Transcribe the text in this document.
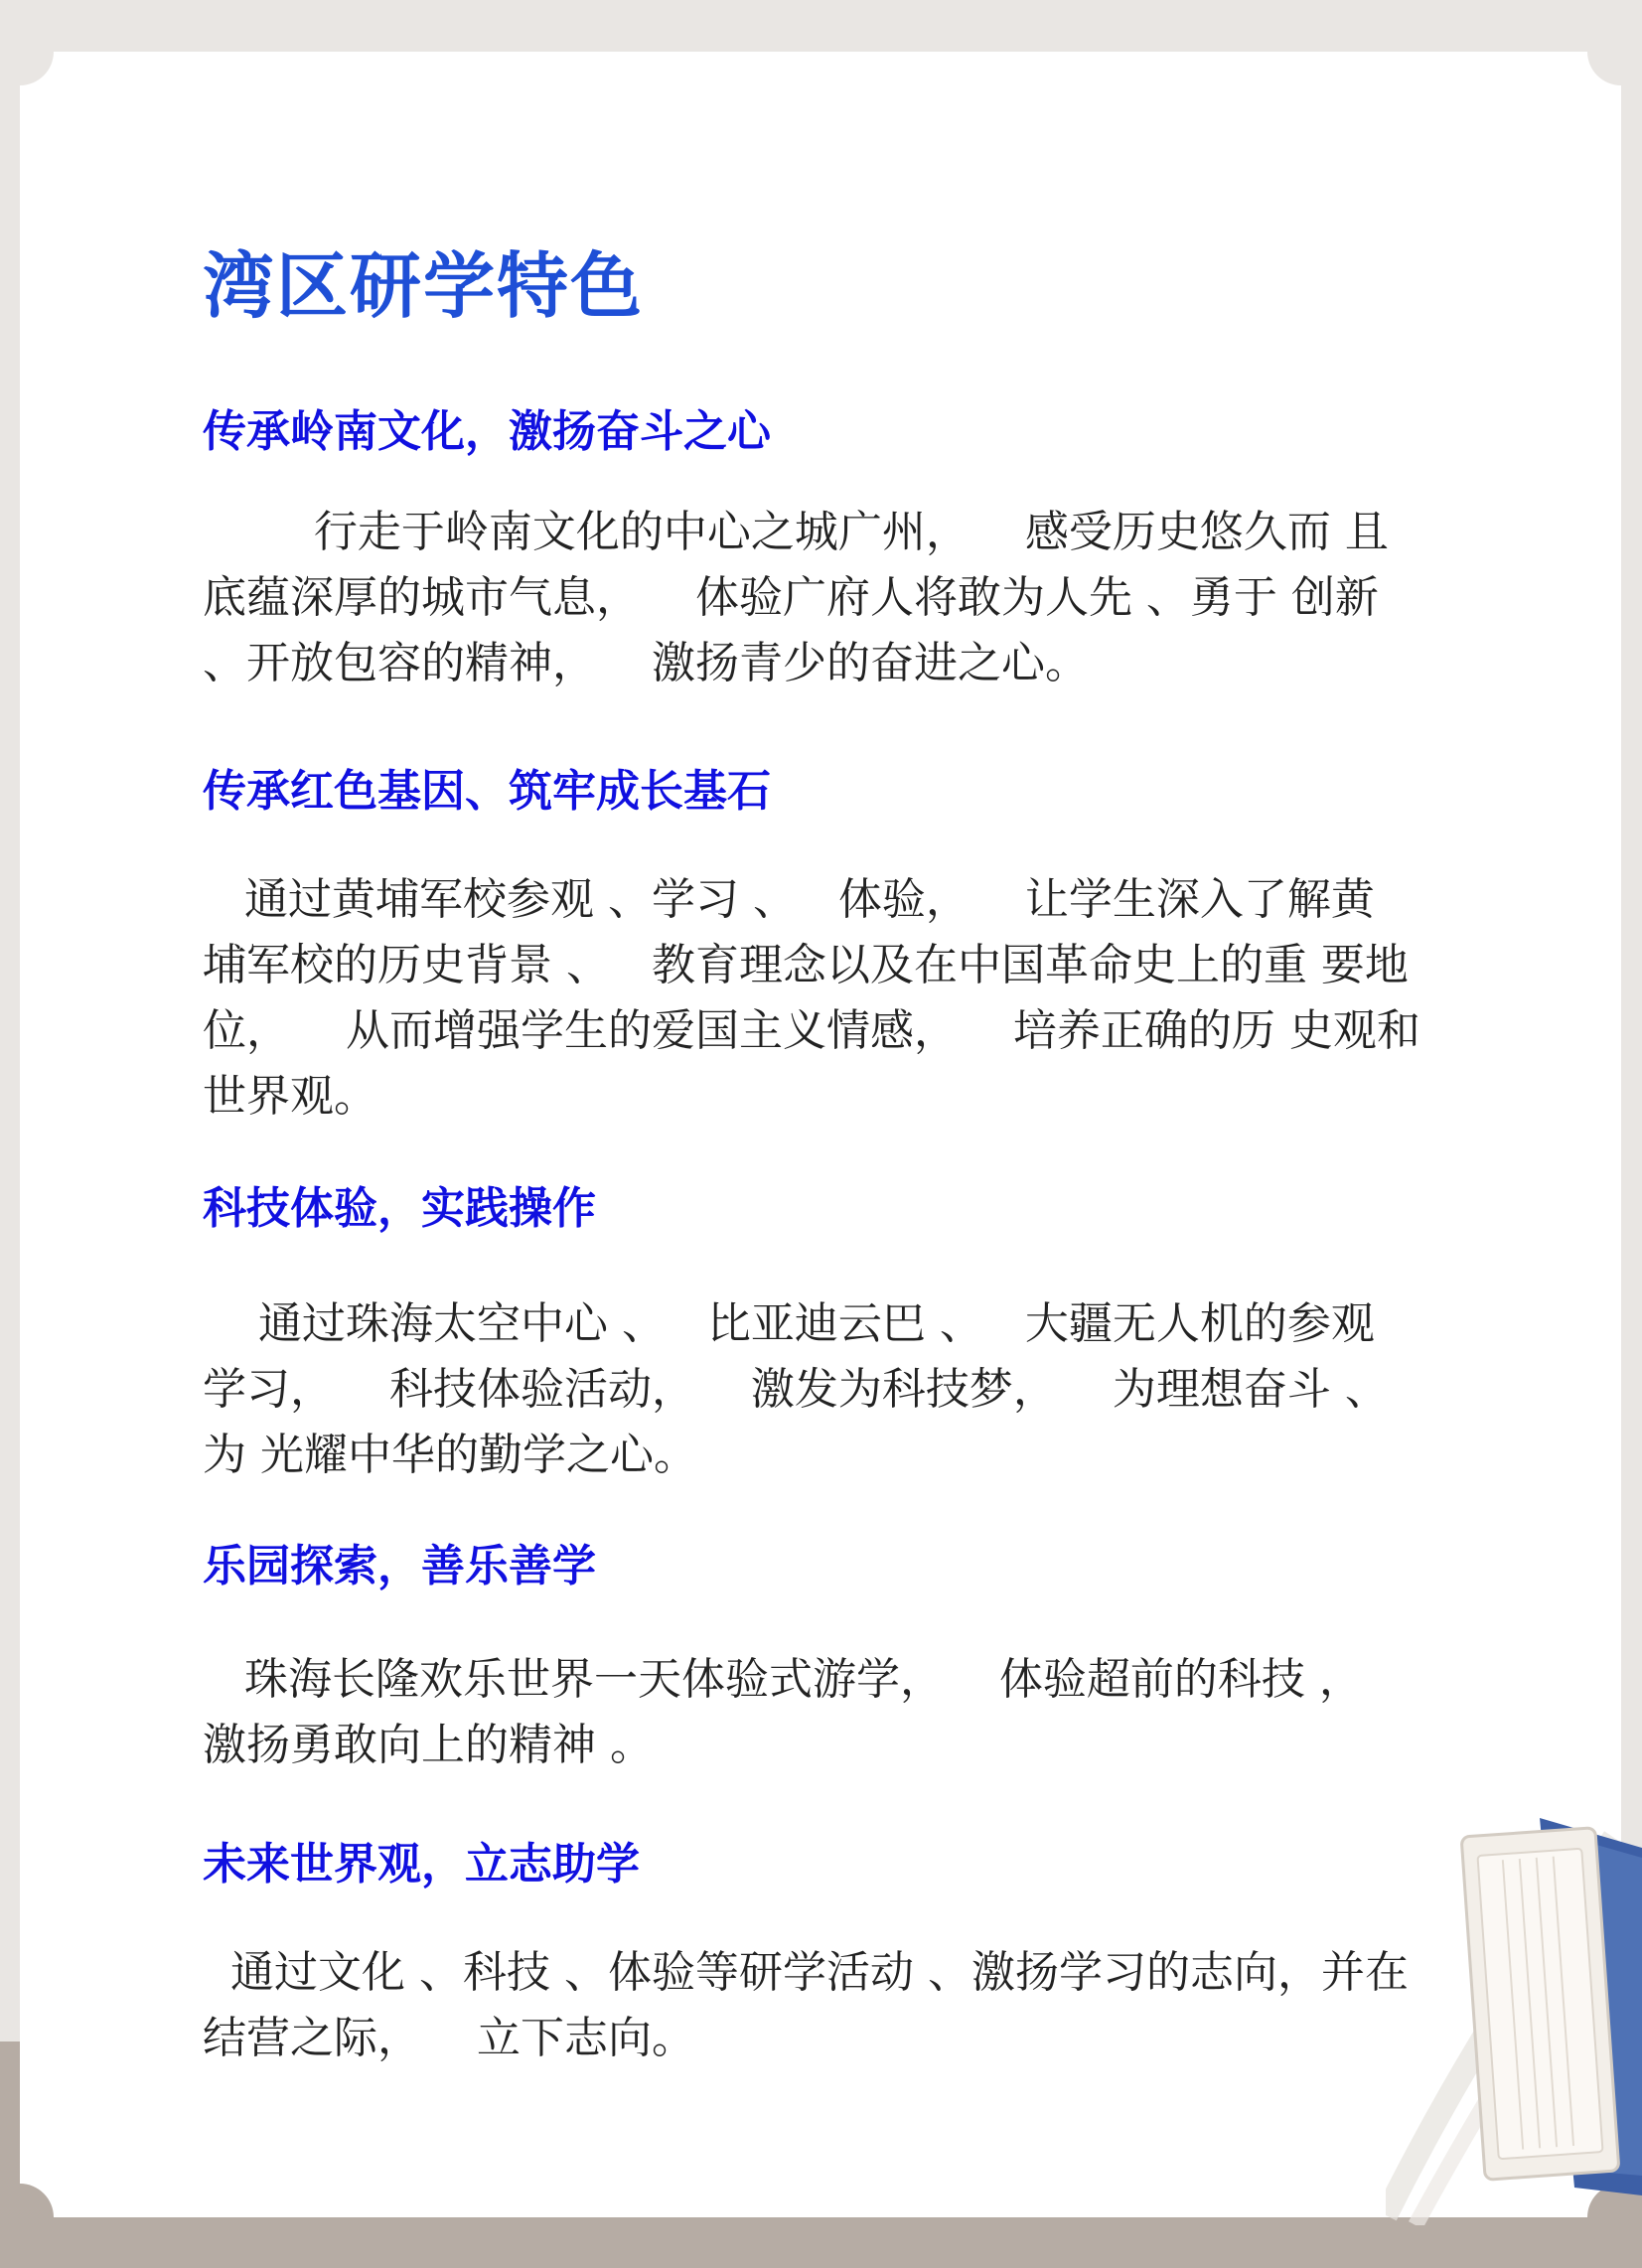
湾区研学特色
传承岭南文化，激扬奋斗之心

行走于岭南文化的中心之城广州，    感受历史悠久而 且底蕴深厚的城市气息，    体验广府人将敢为人先 、勇于 创新 、开放包容的精神，    激扬青少的奋进之心。

传承红色基因、筑牢成长基石

通过黄埔军校参观 、学习 、   体验，    让学生深入了解黄 埔军校的历史背景 、   教育理念以及在中国革命史上的重 要地位，    从而增强学生的爱国主义情感，    培养正确的历 史观和世界观。

科技体验，实践操作

通过珠海太空中心 、   比亚迪云巴 、   大疆无人机的参观 学习，    科技体验活动，    激发为科技梦，    为理想奋斗 、   为 光耀中华的勤学之心。

乐园探索，善乐善学

珠海长隆欢乐世界一天体验式游学，    体验超前的科技 ，   激扬勇敢向上的精神 。

未来世界观，立志助学

通过文化 、科技 、体验等研学活动 、激扬学习的志向，并在结营之际，    立下志向。
